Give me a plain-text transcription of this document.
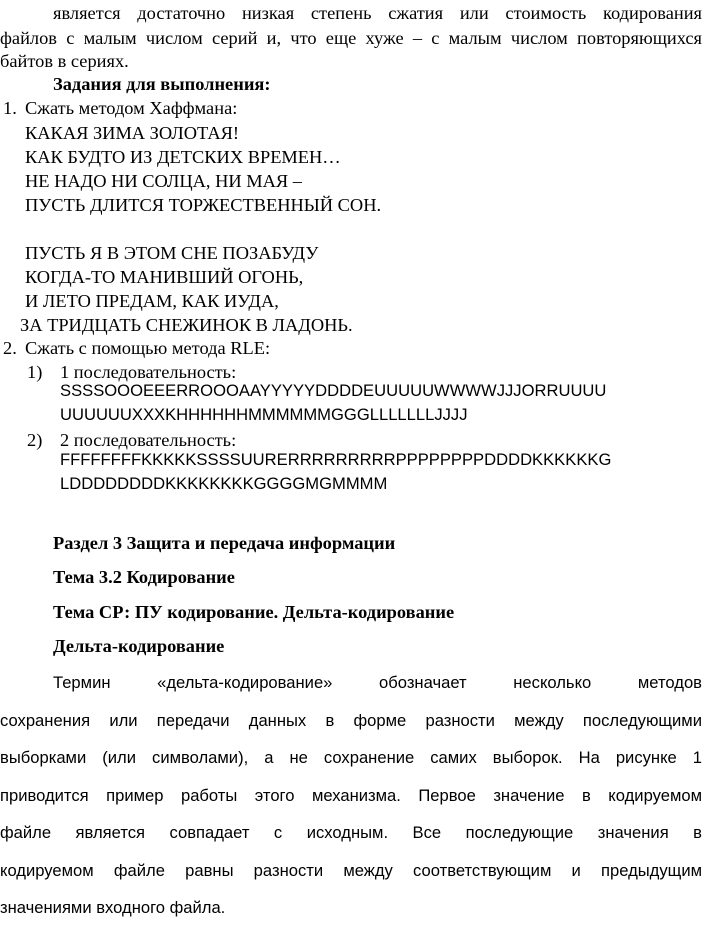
является достаточно низкая степень сжатия или стоимость кодирования
файлов с малым числом серий и, что еще хуже – с малым числом повторяющихся
байтов в сериях.
Задания для выполнения:
1. Сжать методом Хаффмана:
КАКАЯ ЗИМА ЗОЛОТАЯ!
КАК БУДТО ИЗ ДЕТСКИХ ВРЕМЕН…
НЕ НАДО НИ СОЛЦА, НИ МАЯ –
ПУСТЬ ДЛИТСЯ ТОРЖЕСТВЕННЫЙ СОН.
ПУСТЬ Я В ЭТОМ СНЕ ПОЗАБУДУ
КОГДА-ТО МАНИВШИЙ ОГОНЬ,
И ЛЕТО ПРЕДАМ, КАК ИУДА,
ЗА ТРИДЦАТЬ СНЕЖИНОК В ЛАДОНЬ.
2. Сжать с помощью метода RLE:
1) 1 последовательность:
SSSSOOOEEERROOOAAYYYYYDDDDEUUUUUWWWWJJJORRUUUU
UUUUUUXXXKHHHHHHMMMMMMGGGLLLLLLLJJJJ
2) 2 последовательность:
FFFFFFFFKKKKKSSSSUURERRRRRRRRRPPPPPPPPDDDDKKKKKKG
LDDDDDDDDKKKKKKKKGGGGMGMMMM
Раздел 3 Защита и передача информации
Тема 3.2 Кодирование
Тема СР: ПУ кодирование. Дельта-кодирование
Дельта-кодирование
Термин «дельта-кодирование» обозначает несколько методов
сохранения или передачи данных в форме разности между последующими
выборками (или символами), а не сохранение самих выборок. На рисунке 1
приводится пример работы этого механизма. Первое значение в кодируемом
файле является совпадает с исходным. Все последующие значения в
кодируемом файле равны разности между соответствующим и предыдущим
значениями входного файла.
